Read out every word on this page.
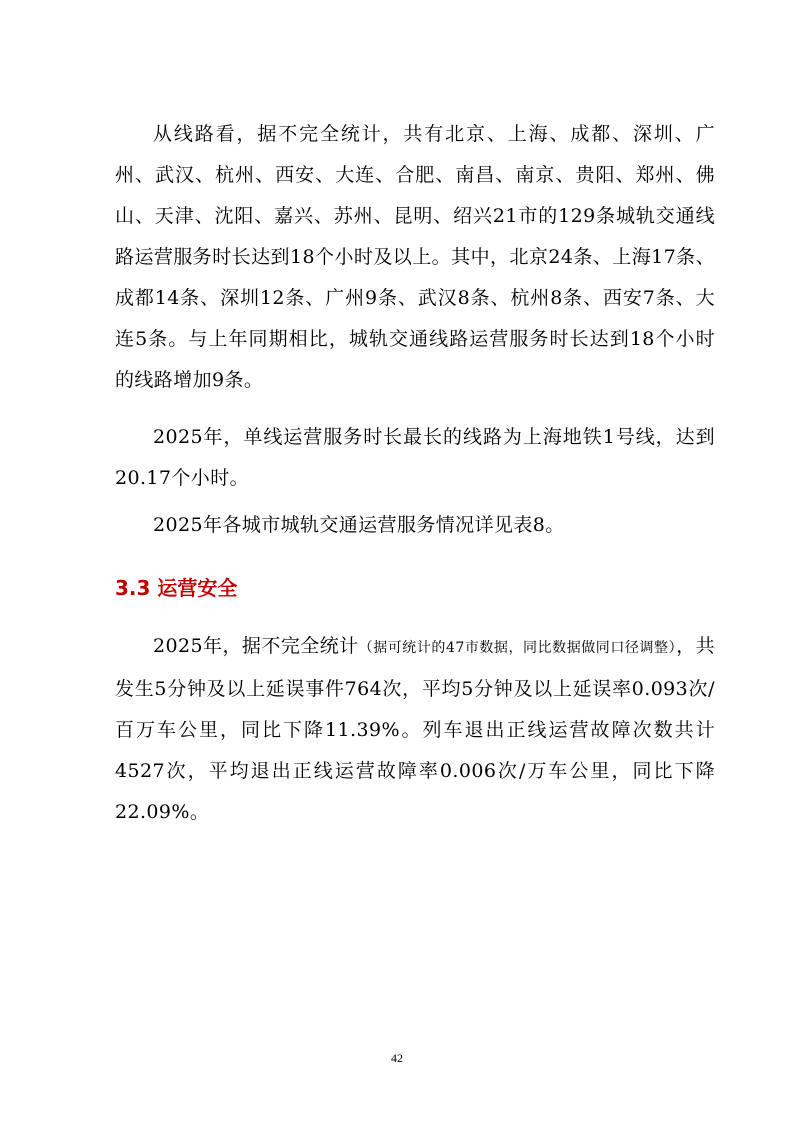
从线路看，据不完全统计，共有北京、上海、成都、深圳、广州、武汉、杭州、西安、大连、合肥、南昌、南京、贵阳、郑州、佛山、天津、沈阳、嘉兴、苏州、昆明、绍兴21市的129条城轨交通线路运营服务时长达到18个小时及以上。其中，北京24条、上海17条、成都14条、深圳12条、广州9条、武汉8条、杭州8条、西安7条、大连5条。与上年同期相比，城轨交通线路运营服务时长达到18个小时的线路增加9条。

2025年，单线运营服务时长最长的线路为上海地铁1号线，达到20.17个小时。

2025年各城市城轨交通运营服务情况详见表8。

3.3 运营安全

2025年，据不完全统计（据可统计的47市数据，同比数据做同口径调整），共发生5分钟及以上延误事件764次，平均5分钟及以上延误率0.093次/百万车公里，同比下降11.39%。列车退出正线运营故障次数共计4527次，平均退出正线运营故障率0.006次/万车公里，同比下降22.09%。

42
